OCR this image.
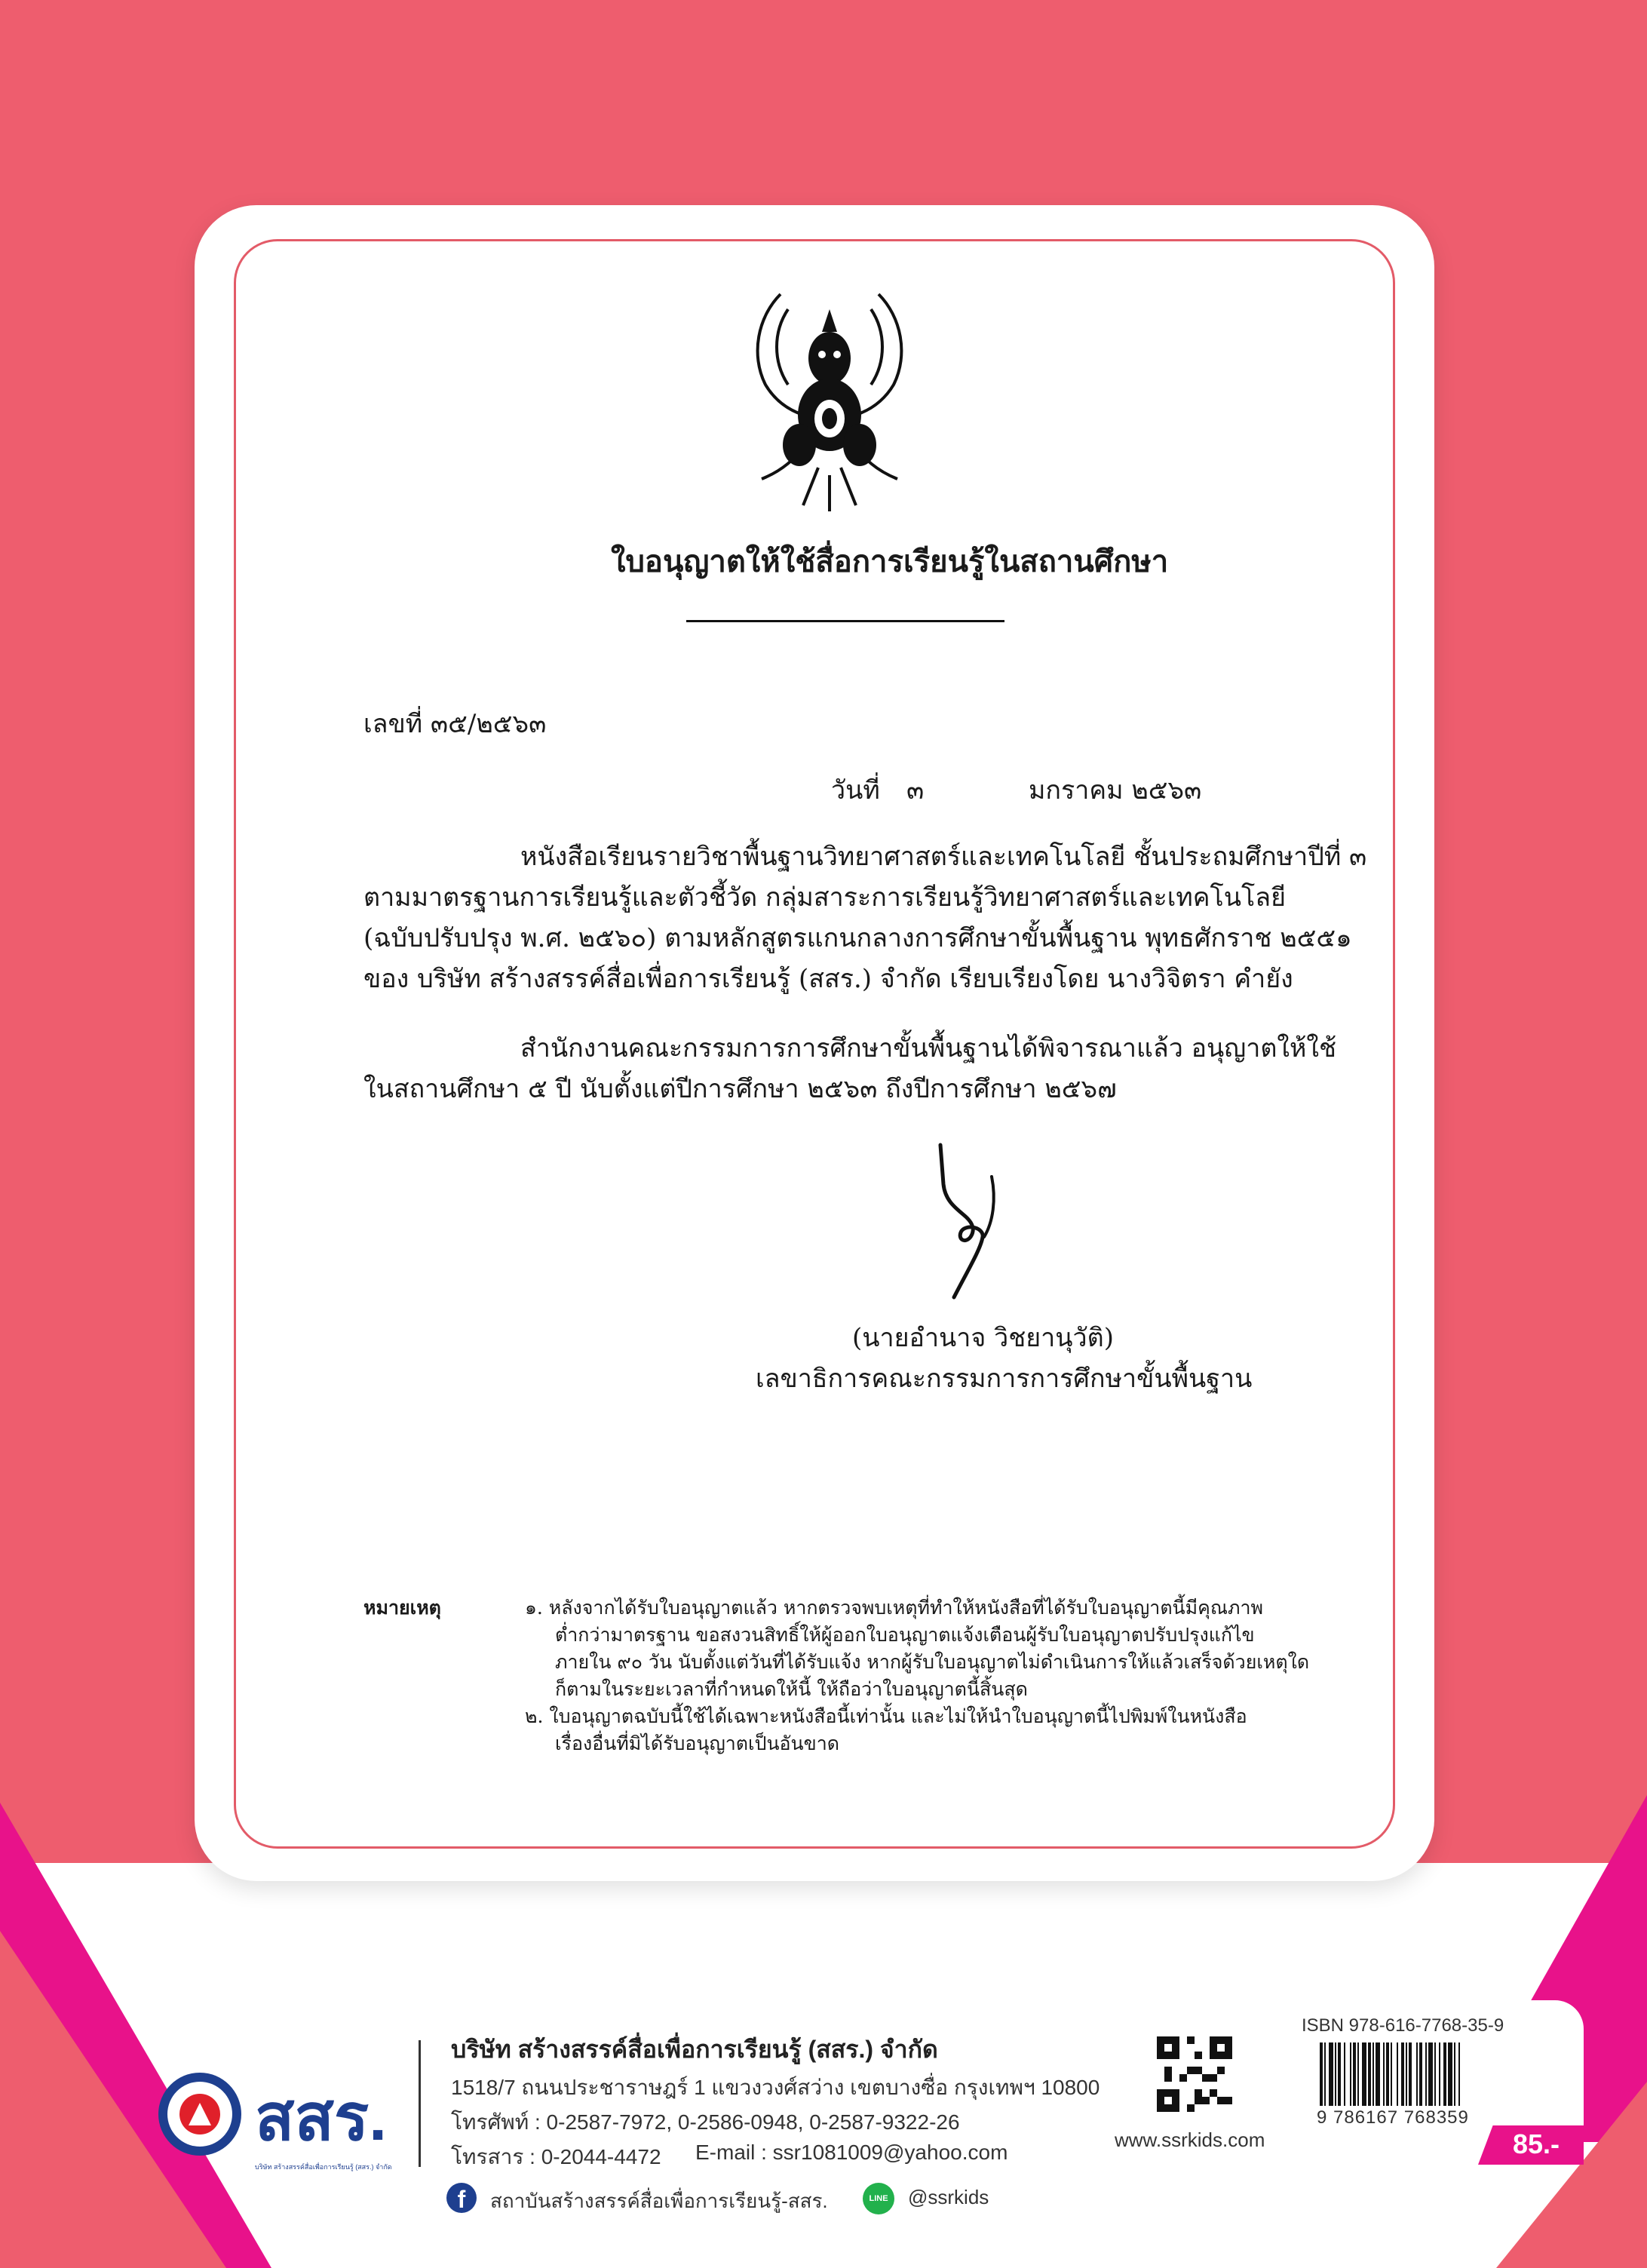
ใบอนุญาตให้ใช้สื่อการเรียนรู้ในสถานศึกษา
เลขที่ ๓๕/๒๕๖๓
วันที่ ๓	มกราคม ๒๕๖๓
หนังสือเรียนรายวิชาพื้นฐานวิทยาศาสตร์และเทคโนโลยี ชั้นประถมศึกษาปีที่ ๓
ตามมาตรฐานการเรียนรู้และตัวชี้วัด กลุ่มสาระการเรียนรู้วิทยาศาสตร์และเทคโนโลยี
(ฉบับปรับปรุง พ.ศ. ๒๕๖๐) ตามหลักสูตรแกนกลางการศึกษาขั้นพื้นฐาน พุทธศักราช ๒๕๕๑
ของ บริษัท สร้างสรรค์สื่อเพื่อการเรียนรู้ (สสร.) จำกัด เรียบเรียงโดย นางวิจิตรา คำยัง
สำนักงานคณะกรรมการการศึกษาขั้นพื้นฐานได้พิจารณาแล้ว อนุญาตให้ใช้
ในสถานศึกษา ๕ ปี นับตั้งแต่ปีการศึกษา ๒๕๖๓ ถึงปีการศึกษา ๒๕๖๗
(นายอำนาจ วิชยานุวัติ)
เลขาธิการคณะกรรมการการศึกษาขั้นพื้นฐาน
หมายเหตุ	๑. หลังจากได้รับใบอนุญาตแล้ว หากตรวจพบเหตุที่ทำให้หนังสือที่ได้รับใบอนุญาตนี้มีคุณภาพ
ต่ำกว่ามาตรฐาน ขอสงวนสิทธิ์ให้ผู้ออกใบอนุญาตแจ้งเตือนผู้รับใบอนุญาตปรับปรุงแก้ไข
ภายใน ๙๐ วัน นับตั้งแต่วันที่ได้รับแจ้ง หากผู้รับใบอนุญาตไม่ดำเนินการให้แล้วเสร็จด้วยเหตุใด
ก็ตามในระยะเวลาที่กำหนดให้นี้ ให้ถือว่าใบอนุญาตนี้สิ้นสุด
๒. ใบอนุญาตฉบับนี้ใช้ได้เฉพาะหนังสือนี้เท่านั้น และไม่ให้นำใบอนุญาตนี้ไปพิมพ์ในหนังสือ
เรื่องอื่นที่มิได้รับอนุญาตเป็นอันขาด
สสร.
บริษัท สร้างสรรค์สื่อเพื่อการเรียนรู้ (สสร.) จำกัด
บริษัท สร้างสรรค์สื่อเพื่อการเรียนรู้ (สสร.) จำกัด
1518/7 ถนนประชาราษฎร์ 1 แขวงวงศ์สว่าง เขตบางซื่อ กรุงเทพฯ 10800
โทรศัพท์ : 0-2587-7972, 0-2586-0948, 0-2587-9322-26
โทรสาร : 0-2044-4472 E-mail : ssr1081009@yahoo.com
f	สถาบันสร้างสรรค์สื่อเพื่อการเรียนรู้-สสร.	LINE	@ssrkids
www.ssrkids.com
ISBN 978-616-7768-35-9
9 786167 768359
85.-
